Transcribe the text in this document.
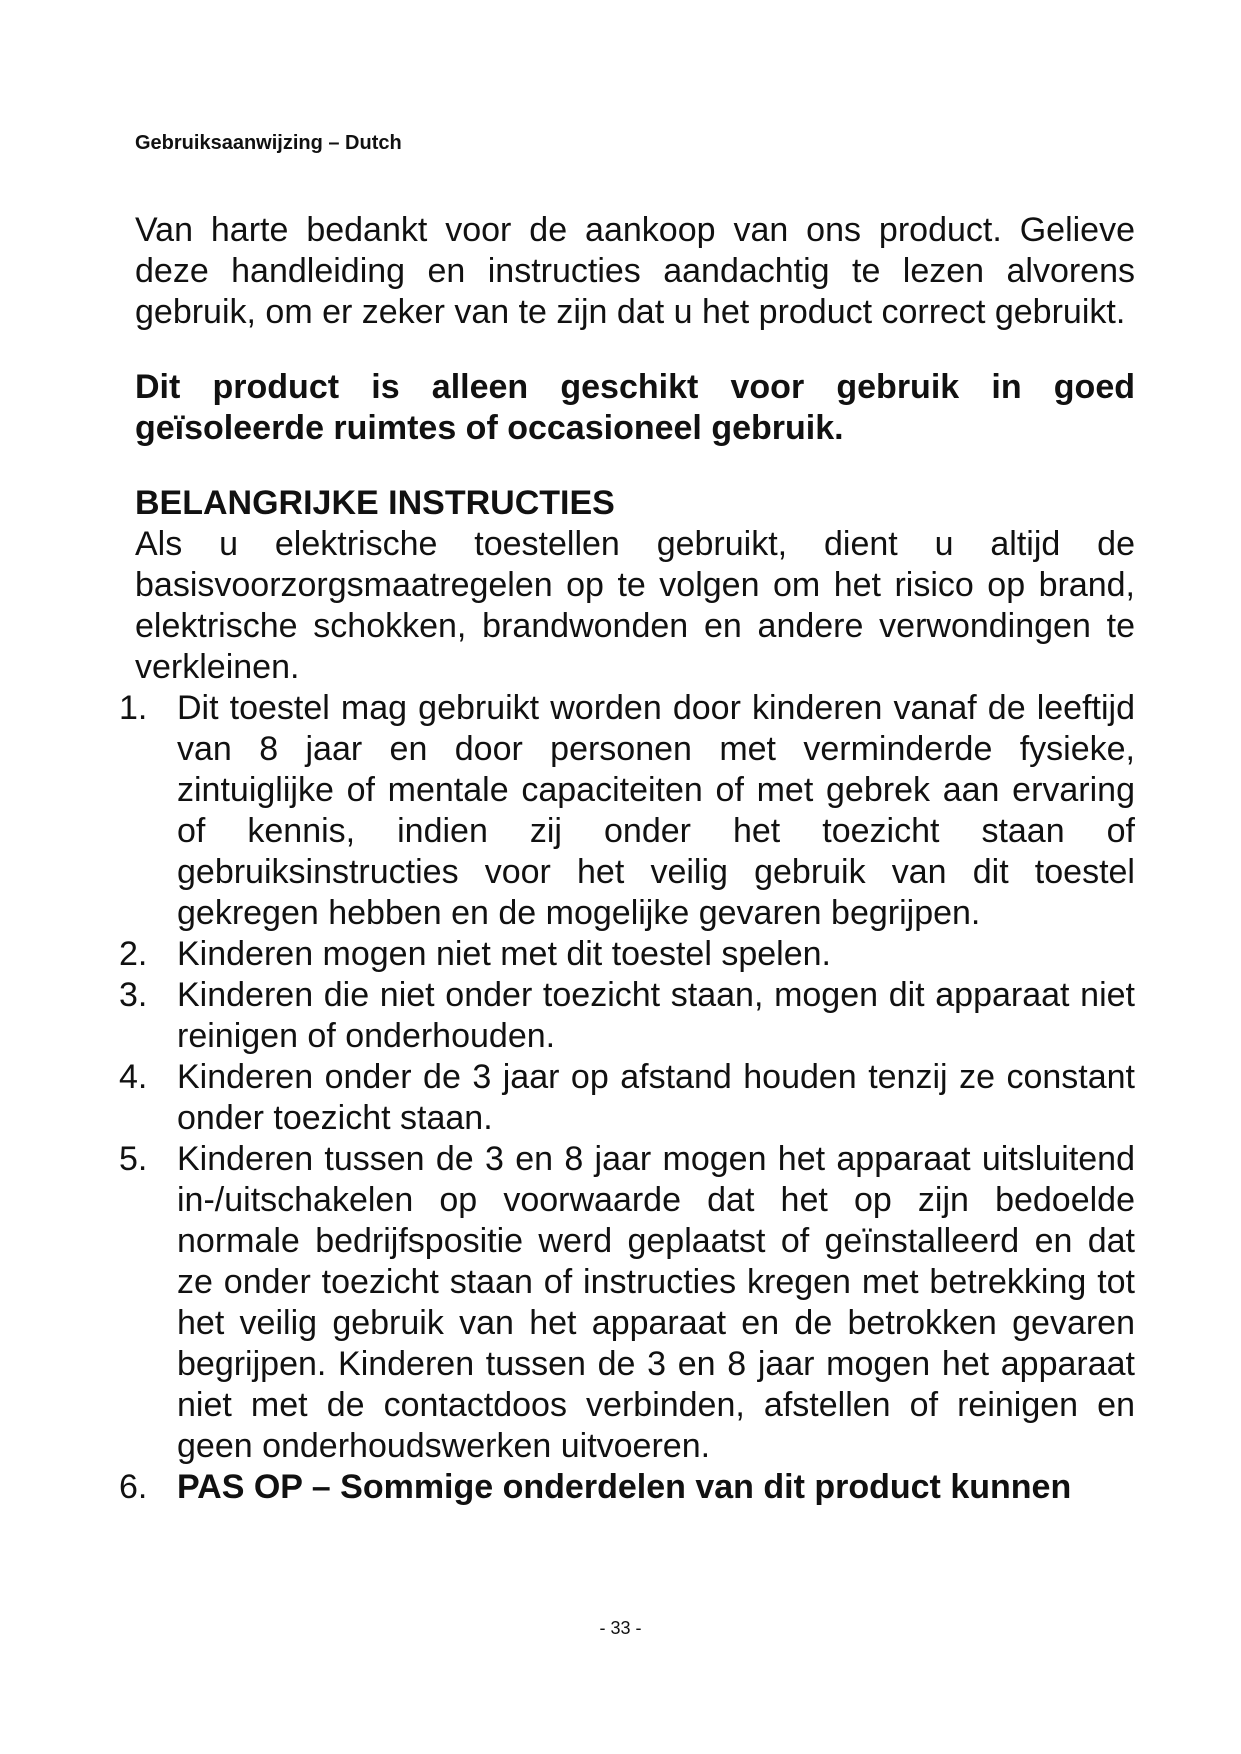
Gebruiksaanwijzing – Dutch

Van harte bedankt voor de aankoop van ons product. Gelieve deze handleiding en instructies aandachtig te lezen alvorens gebruik, om er zeker van te zijn dat u het product correct gebruikt.

Dit product is alleen geschikt voor gebruik in goed geïsoleerde ruimtes of occasioneel gebruik.

BELANGRIJKE INSTRUCTIES

Als u elektrische toestellen gebruikt, dient u altijd de basisvoorzorgsmaatregelen op te volgen om het risico op brand, elektrische schokken, brandwonden en andere verwondingen te verkleinen.

1. Dit toestel mag gebruikt worden door kinderen vanaf de leeftijd van 8 jaar en door personen met verminderde fysieke, zintuiglijke of mentale capaciteiten of met gebrek aan ervaring of kennis, indien zij onder het toezicht staan of gebruiksinstructies voor het veilig gebruik van dit toestel gekregen hebben en de mogelijke gevaren begrijpen.
2. Kinderen mogen niet met dit toestel spelen.
3. Kinderen die niet onder toezicht staan, mogen dit apparaat niet reinigen of onderhouden.
4. Kinderen onder de 3 jaar op afstand houden tenzij ze constant onder toezicht staan.
5. Kinderen tussen de 3 en 8 jaar mogen het apparaat uitsluitend in-/uitschakelen op voorwaarde dat het op zijn bedoelde normale bedrijfspositie werd geplaatst of geïnstalleerd en dat ze onder toezicht staan of instructies kregen met betrekking tot het veilig gebruik van het apparaat en de betrokken gevaren begrijpen. Kinderen tussen de 3 en 8 jaar mogen het apparaat niet met de contactdoos verbinden, afstellen of reinigen en geen onderhoudswerken uitvoeren.
6. PAS OP – Sommige onderdelen van dit product kunnen
- 33 -
